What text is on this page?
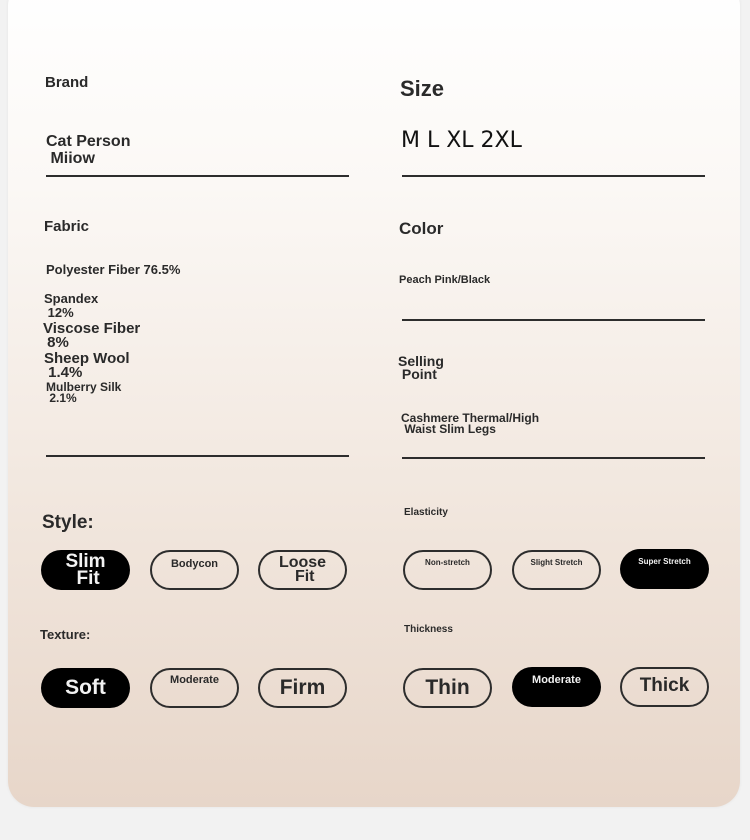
Brand
Cat Person
Miiow
Size
M L XL 2XL
Fabric
Polyester Fiber 76.5%
Spandex
12%
Viscose Fiber
8%
Sheep Wool
1.4%
Mulberry Silk
2.1%
Color
Peach Pink/Black
Selling
Point
Cashmere Thermal/High
Waist Slim Legs
Style:
Slim
Fit
Bodycon	Loose
Fit
Elasticity
Non-stretch	Slight Stretch	Super Stretch
Texture:
Soft	Moderate	Firm
Thickness
Thin	Moderate	Thick
